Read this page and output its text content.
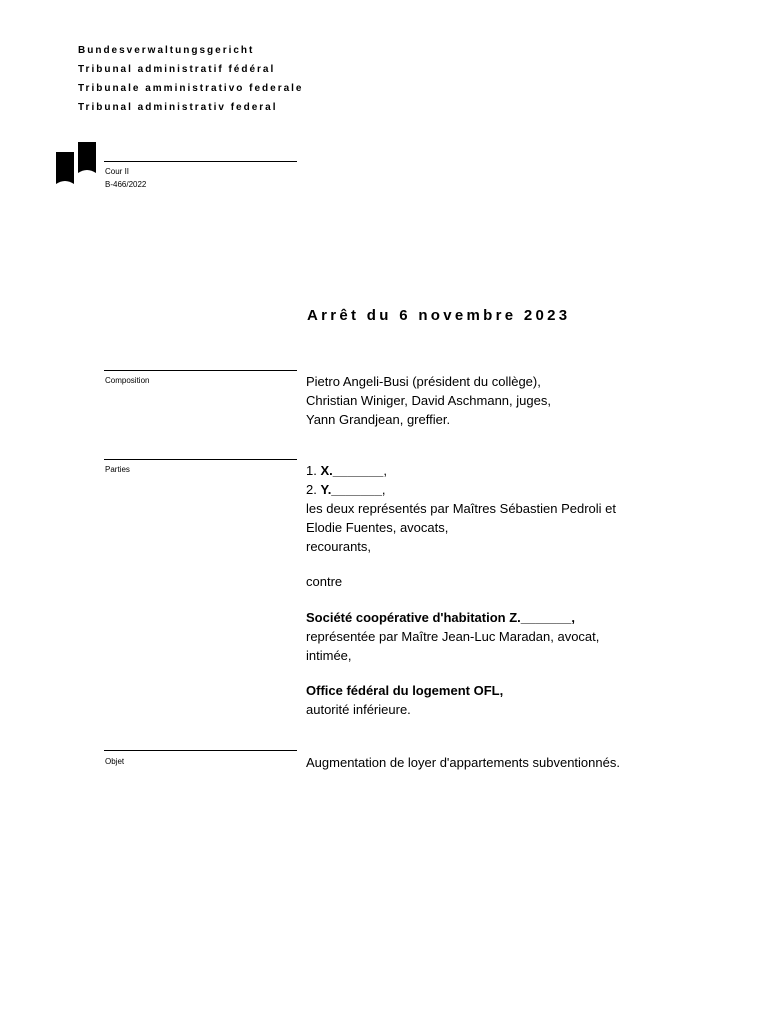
Bundesverwaltungsgericht
Tribunal administratif fédéral
Tribunale amministrativo federale
Tribunal administrativ federal
Cour II
B-466/2022
Arrêt du 6 novembre 2023
Composition	Pietro Angeli-Busi (président du collège),
Christian Winiger, David Aschmann, juges,
Yann Grandjean, greffier.
Parties	1. X._______,
2. Y._______,
les deux représentés par Maîtres Sébastien Pedroli et
Elodie Fuentes, avocats,
recourants,
contre
Société coopérative d'habitation Z._______,
représentée par Maître Jean-Luc Maradan, avocat,
intimée,
Office fédéral du logement OFL,
autorité inférieure.
Objet	Augmentation de loyer d'appartements subventionnés.
